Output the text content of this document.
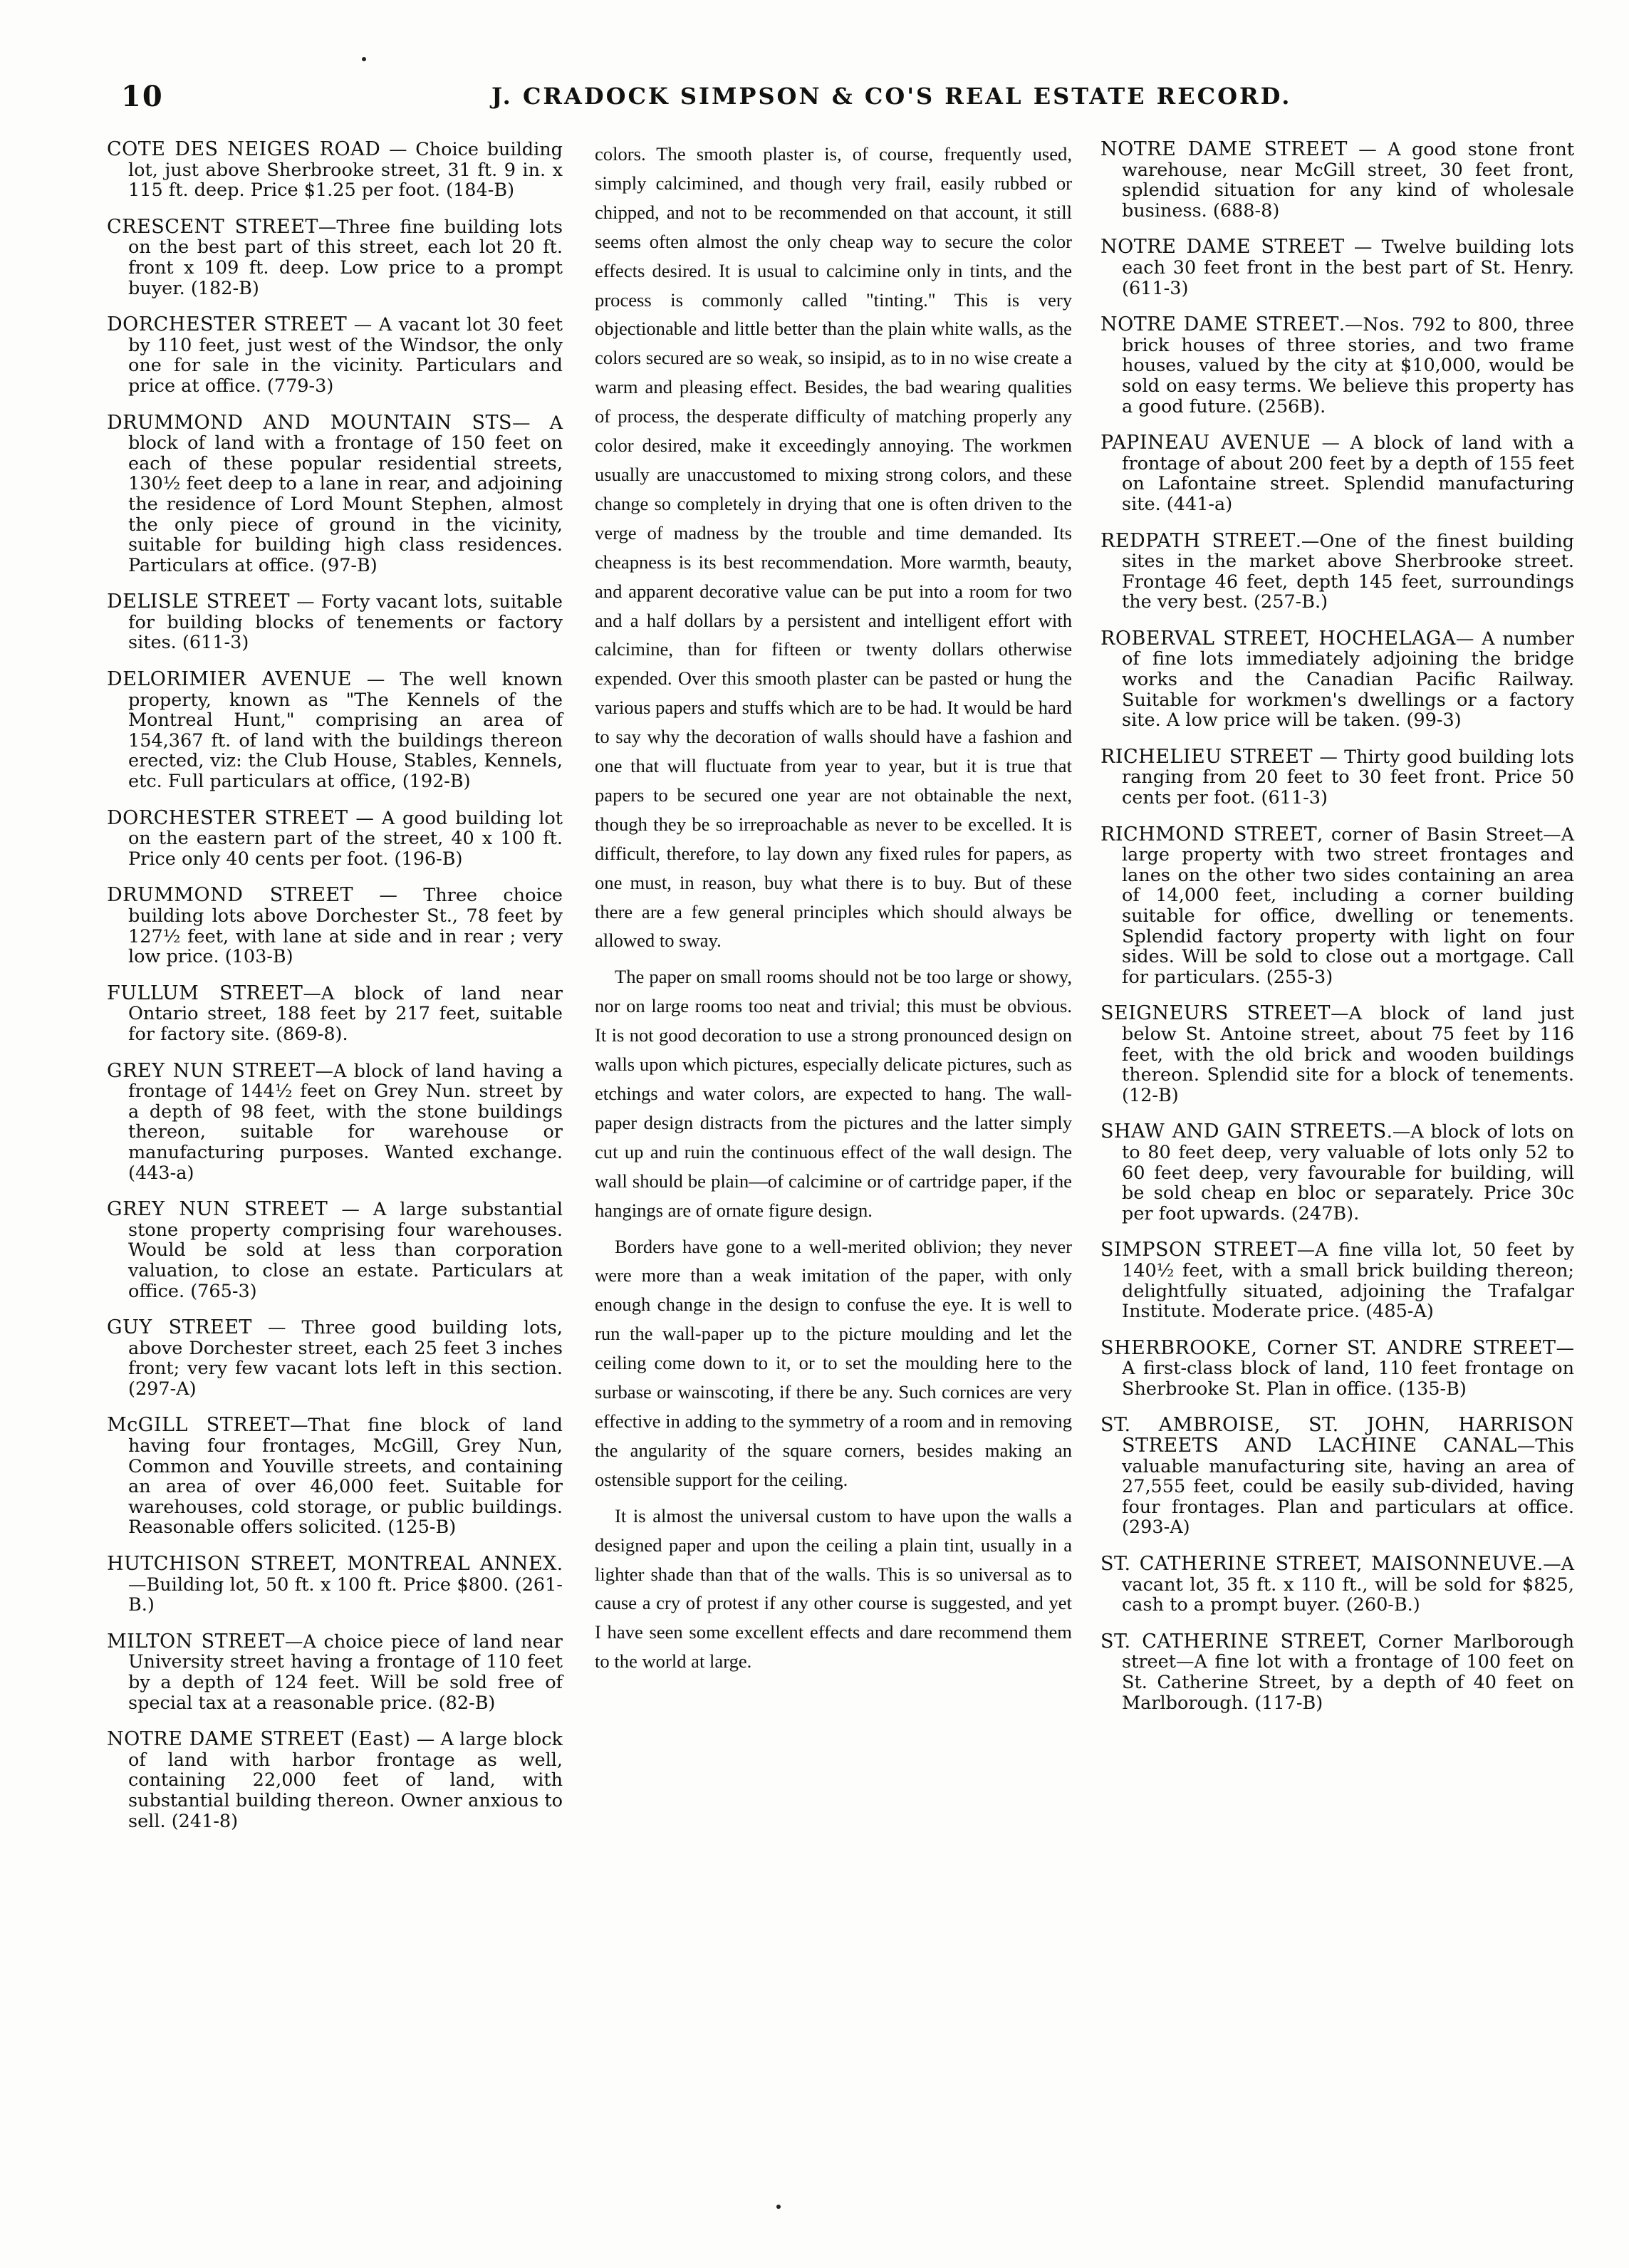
10	J. CRADOCK SIMPSON & CO'S REAL ESTATE RECORD.

COTE DES NEIGES ROAD — Choice building lot, just above Sherbrooke street, 31 ft. 9 in. x 115 ft. deep. Price $1.25 per foot. (184-B)

CRESCENT STREET—Three fine building lots on the best part of this street, each lot 20 ft. front x 109 ft. deep. Low price to a prompt buyer. (182-B)

DORCHESTER STREET — A vacant lot 30 feet by 110 feet, just west of the Windsor, the only one for sale in the vicinity. Particulars and price at office. (779-3)

DRUMMOND AND MOUNTAIN STS— A block of land with a frontage of 150 feet on each of these popular residential streets, 130½ feet deep to a lane in rear, and adjoining the residence of Lord Mount Stephen, almost the only piece of ground in the vicinity, suitable for building high class residences. Particulars at office. (97-B)

DELISLE STREET — Forty vacant lots, suitable for building blocks of tenements or factory sites. (611-3)

DELORIMIER AVENUE — The well known property, known as "The Kennels of the Montreal Hunt," comprising an area of 154,367 ft. of land with the buildings thereon erected, viz: the Club House, Stables, Kennels, etc. Full particulars at office, (192-B)

DORCHESTER STREET — A good building lot on the eastern part of the street, 40 x 100 ft. Price only 40 cents per foot. (196-B)

DRUMMOND STREET — Three choice building lots above Dorchester St., 78 feet by 127½ feet, with lane at side and in rear ; very low price. (103-B)

FULLUM STREET—A block of land near Ontario street, 188 feet by 217 feet, suitable for factory site. (869-8).

GREY NUN STREET—A block of land having a frontage of 144½ feet on Grey Nun. street by a depth of 98 feet, with the stone buildings thereon, suitable for warehouse or manufacturing purposes. Wanted exchange. (443-a)

GREY NUN STREET — A large substantial stone property comprising four warehouses. Would be sold at less than corporation valuation, to close an estate. Particulars at office. (765-3)

GUY STREET — Three good building lots, above Dorchester street, each 25 feet 3 inches front; very few vacant lots left in this section. (297-A)

McGILL STREET—That fine block of land having four frontages, McGill, Grey Nun, Common and Youville streets, and containing an area of over 46,000 feet. Suitable for warehouses, cold storage, or public buildings. Reasonable offers solicited. (125-B)

HUTCHISON STREET, MONTREAL ANNEX.—Building lot, 50 ft. x 100 ft. Price $800. (261-B.)

MILTON STREET—A choice piece of land near University street having a frontage of 110 feet by a depth of 124 feet. Will be sold free of special tax at a reasonable price. (82-B)

NOTRE DAME STREET (East) — A large block of land with harbor frontage as well, containing 22,000 feet of land, with substantial building thereon. Owner anxious to sell. (241-8)

colors. The smooth plaster is, of course, frequently used, simply calcimined, and though very frail, easily rubbed or chipped, and not to be recommended on that account, it still seems often almost the only cheap way to secure the color effects desired. It is usual to calcimine only in tints, and the process is commonly called "tinting." This is very objectionable and little better than the plain white walls, as the colors secured are so weak, so insipid, as to in no wise create a warm and pleasing effect. Besides, the bad wearing qualities of process, the desperate difficulty of matching properly any color desired, make it exceedingly annoying. The workmen usually are unaccustomed to mixing strong colors, and these change so completely in drying that one is often driven to the verge of madness by the trouble and time demanded. Its cheapness is its best recommendation. More warmth, beauty, and apparent decorative value can be put into a room for two and a half dollars by a persistent and intelligent effort with calcimine, than for fifteen or twenty dollars otherwise expended. Over this smooth plaster can be pasted or hung the various papers and stuffs which are to be had. It would be hard to say why the decoration of walls should have a fashion and one that will fluctuate from year to year, but it is true that papers to be secured one year are not obtainable the next, though they be so irreproachable as never to be excelled. It is difficult, therefore, to lay down any fixed rules for papers, as one must, in reason, buy what there is to buy. But of these there are a few general principles which should always be allowed to sway.

The paper on small rooms should not be too large or showy, nor on large rooms too neat and trivial; this must be obvious. It is not good decoration to use a strong pronounced design on walls upon which pictures, especially delicate pictures, such as etchings and water colors, are expected to hang. The wall-paper design distracts from the pictures and the latter simply cut up and ruin the continuous effect of the wall design. The wall should be plain—of calcimine or of cartridge paper, if the hangings are of ornate figure design.

Borders have gone to a well-merited oblivion; they never were more than a weak imitation of the paper, with only enough change in the design to confuse the eye. It is well to run the wall-paper up to the picture moulding and let the ceiling come down to it, or to set the moulding here to the surbase or wainscoting, if there be any. Such cornices are very effective in adding to the symmetry of a room and in removing the angularity of the square corners, besides making an ostensible support for the ceiling.

It is almost the universal custom to have upon the walls a designed paper and upon the ceiling a plain tint, usually in a lighter shade than that of the walls. This is so universal as to cause a cry of protest if any other course is suggested, and yet I have seen some excellent effects and dare recommend them to the world at large.

NOTRE DAME STREET — A good stone front warehouse, near McGill street, 30 feet front, splendid situation for any kind of wholesale business. (688-8)

NOTRE DAME STREET — Twelve building lots each 30 feet front in the best part of St. Henry. (611-3)

NOTRE DAME STREET.—Nos. 792 to 800, three brick houses of three stories, and two frame houses, valued by the city at $10,000, would be sold on easy terms. We believe this property has a good future. (256B).

PAPINEAU AVENUE — A block of land with a frontage of about 200 feet by a depth of 155 feet on Lafontaine street. Splendid manufacturing site. (441-a)

REDPATH STREET.—One of the finest building sites in the market above Sherbrooke street. Frontage 46 feet, depth 145 feet, surroundings the very best. (257-B.)

ROBERVAL STREET, HOCHELAGA— A number of fine lots immediately adjoining the bridge works and the Canadian Pacific Railway. Suitable for workmen's dwellings or a factory site. A low price will be taken. (99-3)

RICHELIEU STREET — Thirty good building lots ranging from 20 feet to 30 feet front. Price 50 cents per foot. (611-3)

RICHMOND STREET, corner of Basin Street—A large property with two street frontages and lanes on the other two sides containing an area of 14,000 feet, including a corner building suitable for office, dwelling or tenements. Splendid factory property with light on four sides. Will be sold to close out a mortgage. Call for particulars. (255-3)

SEIGNEURS STREET—A block of land just below St. Antoine street, about 75 feet by 116 feet, with the old brick and wooden buildings thereon. Splendid site for a block of tenements. (12-B)

SHAW AND GAIN STREETS.—A block of lots on to 80 feet deep, very valuable of lots only 52 to 60 feet deep, very favourable for building, will be sold cheap en bloc or separately. Price 30c per foot upwards. (247B).

SIMPSON STREET—A fine villa lot, 50 feet by 140½ feet, with a small brick building thereon; delightfully situated, adjoining the Trafalgar Institute. Moderate price. (485-A)

SHERBROOKE, Corner ST. ANDRE STREET—A first-class block of land, 110 feet frontage on Sherbrooke St. Plan in office. (135-B)

ST. AMBROISE, ST. JOHN, HARRISON STREETS AND LACHINE CANAL—This valuable manufacturing site, having an area of 27,555 feet, could be easily sub-divided, having four frontages. Plan and particulars at office. (293-A)

ST. CATHERINE STREET, MAISONNEUVE.—A vacant lot, 35 ft. x 110 ft., will be sold for $825, cash to a prompt buyer. (260-B.)

ST. CATHERINE STREET, Corner Marlborough street—A fine lot with a frontage of 100 feet on St. Catherine Street, by a depth of 40 feet on Marlborough. (117-B)
